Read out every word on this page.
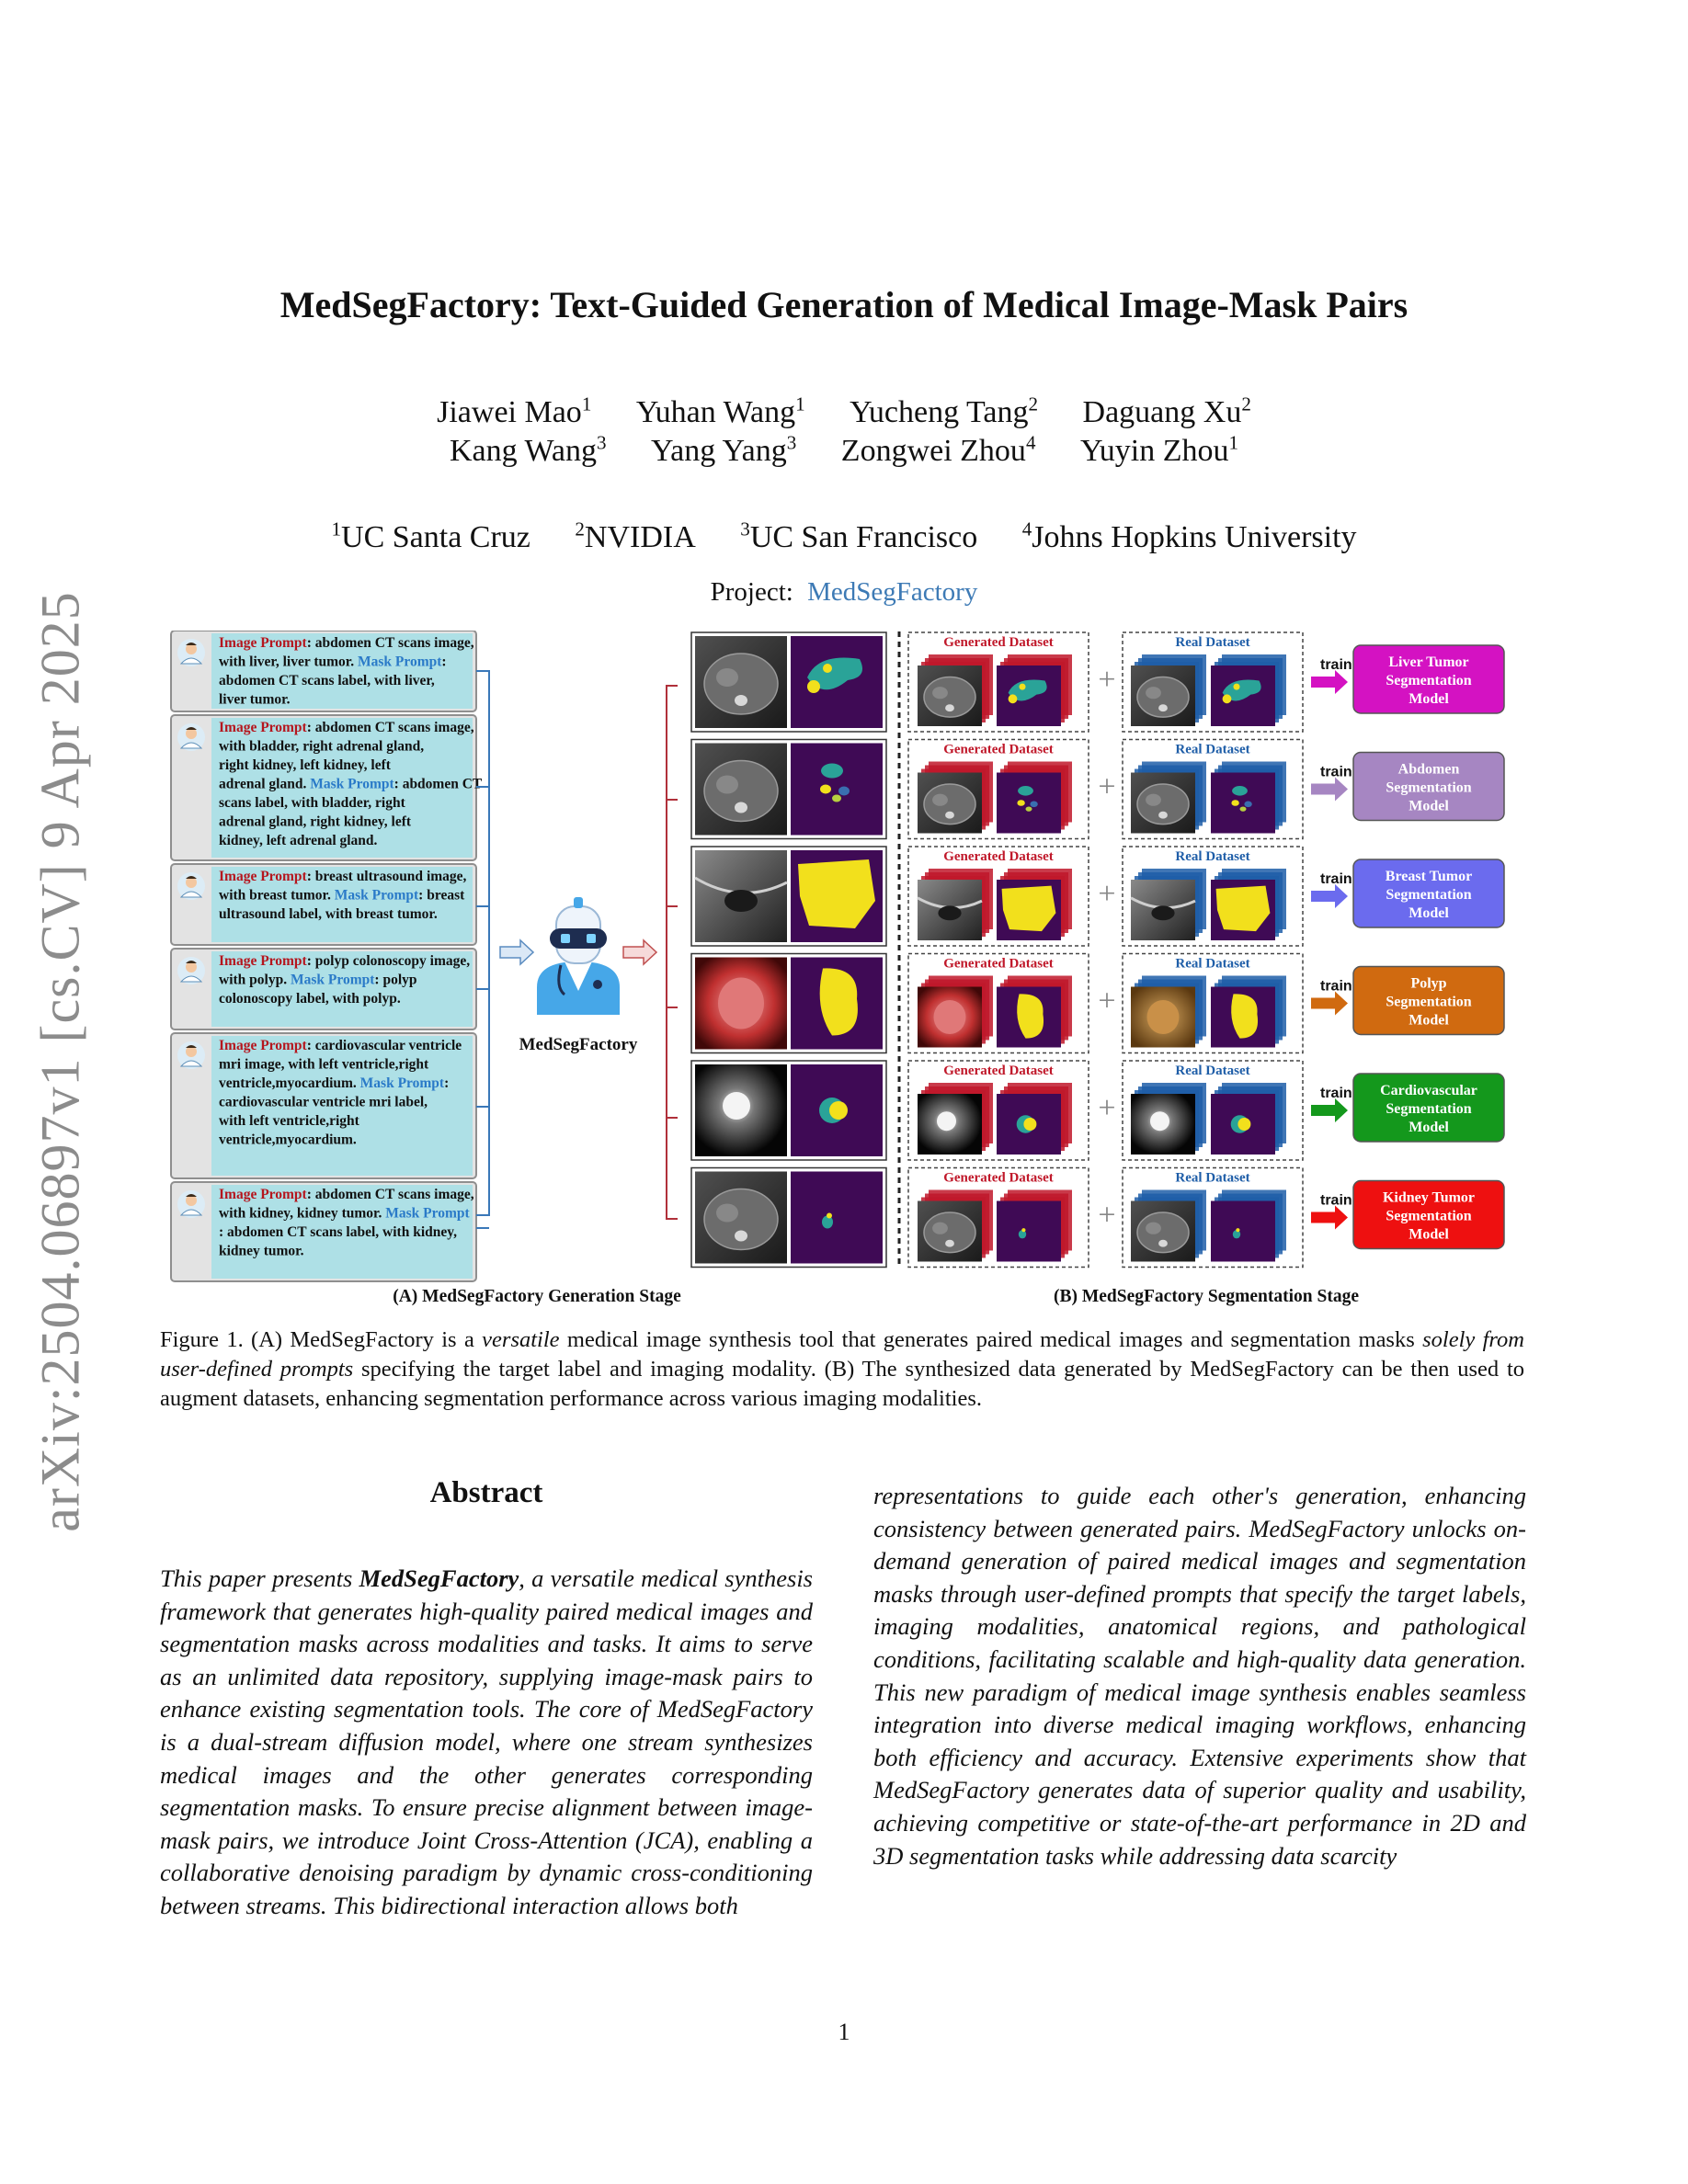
arXiv:2504.06897v1 [cs.CV] 9 Apr 2025
MedSegFactory: Text-Guided Generation of Medical Image-Mask Pairs
Jiawei Mao$^1$ Yuhan Wang$^1$ Yucheng Tang$^2$ Daguang Xu$^2$
Kang Wang$^3$ Yang Yang$^3$ Zongwei Zhou$^4$ Yuyin Zhou$^1$
$^1$UC Santa Cruz $^2$NVIDIA $^3$UC San Francisco $^4$Johns Hopkins University
Project: MedSegFactory
Image Prompt: abdomen CT scans image,
with liver, liver tumor. Mask Prompt:
abdomen CT scans label, with liver,
liver tumor.
Image Prompt: abdomen CT scans image,
with bladder, right adrenal gland,
right kidney, left kidney, left
adrenal gland. Mask Prompt: abdomen CT
scans label, with bladder, right
adrenal gland, right kidney, left
kidney, left adrenal gland.
Image Prompt: breast ultrasound image,
with breast tumor. Mask Prompt: breast
ultrasound label, with breast tumor.
Image Prompt: polyp colonoscopy image,
with polyp. Mask Prompt: polyp
colonoscopy label, with polyp.
Image Prompt: cardiovascular ventricle
mri image, with left ventricle,right
ventricle,myocardium. Mask Prompt:
cardiovascular ventricle mri label,
with left ventricle,right
ventricle,myocardium.
Image Prompt: abdomen CT scans image,
with kidney, kidney tumor. Mask Prompt
: abdomen CT scans label, with kidney,
kidney tumor.
MedSegFactory
Generated Dataset
+
Real Dataset
train Liver Tumor
Segmentation
Model
Generated Dataset
+
Real Dataset
train	Abdomen
Segmentation
Model
Generated Dataset
+
Real Dataset
train Breast Tumor
Segmentation
Model
Generated Dataset
+
Real Dataset
train	Polyp
Segmentation
Model
Generated Dataset
+
Real Dataset
train Cardiovascular
Segmentation
Model
Generated Dataset
+
Real Dataset
train Kidney Tumor
Segmentation
Model
(A) MedSegFactory Generation Stage	(B) MedSegFactory Segmentation Stage
Figure 1. (A) MedSegFactory is a versatile medical image synthesis tool that generates paired medical images and segmentation masks solely from user-defined prompts specifying the target label and imaging modality. (B) The synthesized data generated by MedSegFactory can be then used to augment datasets, enhancing segmentation performance across various imaging modalities.
Abstract
This paper presents MedSegFactory, a versatile medical synthesis framework that generates high-quality paired medical images and segmentation masks across modalities and tasks. It aims to serve as an unlimited data repository, supplying image-mask pairs to enhance existing segmentation tools. The core of MedSegFactory is a dual-stream diffusion model, where one stream synthesizes medical images and the other generates corresponding segmentation masks. To ensure precise alignment between image-mask pairs, we introduce Joint Cross-Attention (JCA), enabling a collaborative denoising paradigm by dynamic cross-conditioning between streams. This bidirectional interaction allows both
representations to guide each other's generation, enhancing consistency between generated pairs. MedSegFactory unlocks on-demand generation of paired medical images and segmentation masks through user-defined prompts that specify the target labels, imaging modalities, anatomical regions, and pathological conditions, facilitating scalable and high-quality data generation. This new paradigm of medical image synthesis enables seamless integration into diverse medical imaging workflows, enhancing both efficiency and accuracy. Extensive experiments show that MedSegFactory generates data of superior quality and usability, achieving competitive or state-of-the-art performance in 2D and 3D segmentation tasks while addressing data scarcity
1
